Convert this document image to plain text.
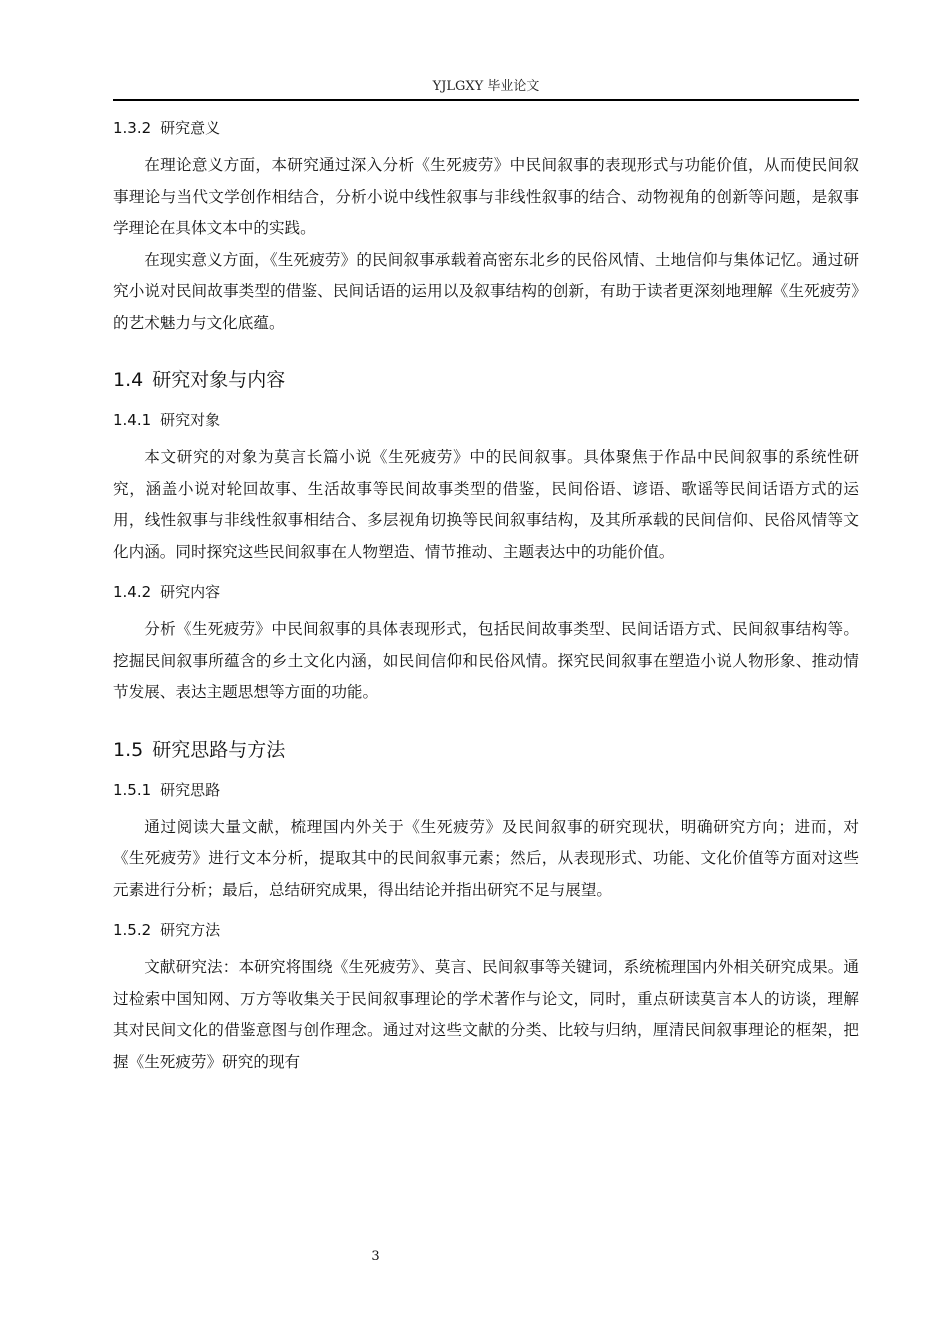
YJLGXY 毕业论文
1.3.2 研究意义

在理论意义方面，本研究通过深入分析《生死疲劳》中民间叙事的表现形式与功能价值，从而使民间叙事理论与当代文学创作相结合，分析小说中线性叙事与非线性叙事的结合、动物视角的创新等问题，是叙事学理论在具体文本中的实践。

在现实意义方面，《生死疲劳》的民间叙事承载着高密东北乡的民俗风情、土地信仰与集体记忆。通过研究小说对民间故事类型的借鉴、民间话语的运用以及叙事结构的创新，有助于读者更深刻地理解《生死疲劳》的艺术魅力与文化底蕴。

1.4 研究对象与内容
1.4.1 研究对象

本文研究的对象为莫言长篇小说《生死疲劳》中的民间叙事。具体聚焦于作品中民间叙事的系统性研究，涵盖小说对轮回故事、生活故事等民间故事类型的借鉴，民间俗语、谚语、歌谣等民间话语方式的运用，线性叙事与非线性叙事相结合、多层视角切换等民间叙事结构，及其所承载的民间信仰、民俗风情等文化内涵。同时探究这些民间叙事在人物塑造、情节推动、主题表达中的功能价值。

1.4.2 研究内容

分析《生死疲劳》中民间叙事的具体表现形式，包括民间故事类型、民间话语方式、民间叙事结构等。挖掘民间叙事所蕴含的乡土文化内涵，如民间信仰和民俗风情。探究民间叙事在塑造小说人物形象、推动情节发展、表达主题思想等方面的功能。

1.5 研究思路与方法
1.5.1 研究思路

通过阅读大量文献，梳理国内外关于《生死疲劳》及民间叙事的研究现状，明确研究方向；进而，对《生死疲劳》进行文本分析，提取其中的民间叙事元素；然后，从表现形式、功能、文化价值等方面对这些元素进行分析；最后，总结研究成果，得出结论并指出研究不足与展望。

1.5.2 研究方法

文献研究法：本研究将围绕《生死疲劳》、莫言、民间叙事等关键词，系统梳理国内外相关研究成果。通过检索中国知网、万方等收集关于民间叙事理论的学术著作与论文，同时，重点研读莫言本人的访谈，理解其对民间文化的借鉴意图与创作理念。通过对这些文献的分类、比较与归纳，厘清民间叙事理论的框架，把握《生死疲劳》研究的现有

3
